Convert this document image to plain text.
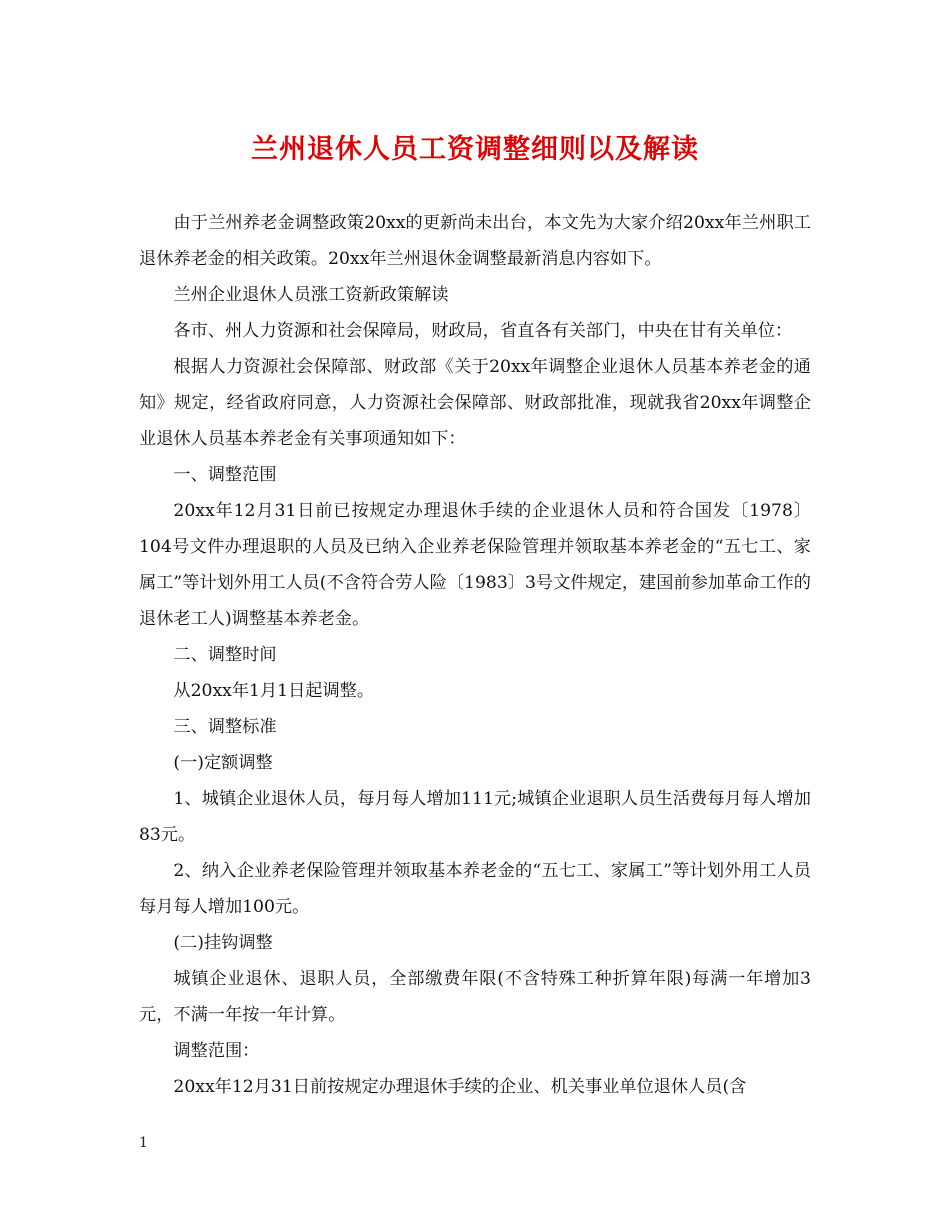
兰州退休人员工资调整细则以及解读

由于兰州养老金调整政策20xx的更新尚未出台，本文先为大家介绍20xx年兰州职工退休养老金的相关政策。20xx年兰州退休金调整最新消息内容如下。

兰州企业退休人员涨工资新政策解读

各市、州人力资源和社会保障局，财政局，省直各有关部门，中央在甘有关单位：

根据人力资源社会保障部、财政部《关于20xx年调整企业退休人员基本养老金的通知》规定，经省政府同意，人力资源社会保障部、财政部批准，现就我省20xx年调整企业退休人员基本养老金有关事项通知如下：

一、调整范围

20xx年12月31日前已按规定办理退休手续的企业退休人员和符合国发〔1978〕104号文件办理退职的人员及已纳入企业养老保险管理并领取基本养老金的“五七工、家属工”等计划外用工人员(不含符合劳人险〔1983〕3号文件规定，建国前参加革命工作的退休老工人)调整基本养老金。

二、调整时间

从20xx年1月1日起调整。

三、调整标准

(一)定额调整

1、城镇企业退休人员，每月每人增加111元;城镇企业退职人员生活费每月每人增加83元。

2、纳入企业养老保险管理并领取基本养老金的“五七工、家属工”等计划外用工人员每月每人增加100元。

(二)挂钩调整

城镇企业退休、退职人员，全部缴费年限(不含特殊工种折算年限)每满一年增加3元，不满一年按一年计算。

调整范围：

20xx年12月31日前按规定办理退休手续的企业、机关事业单位退休人员(含

1
